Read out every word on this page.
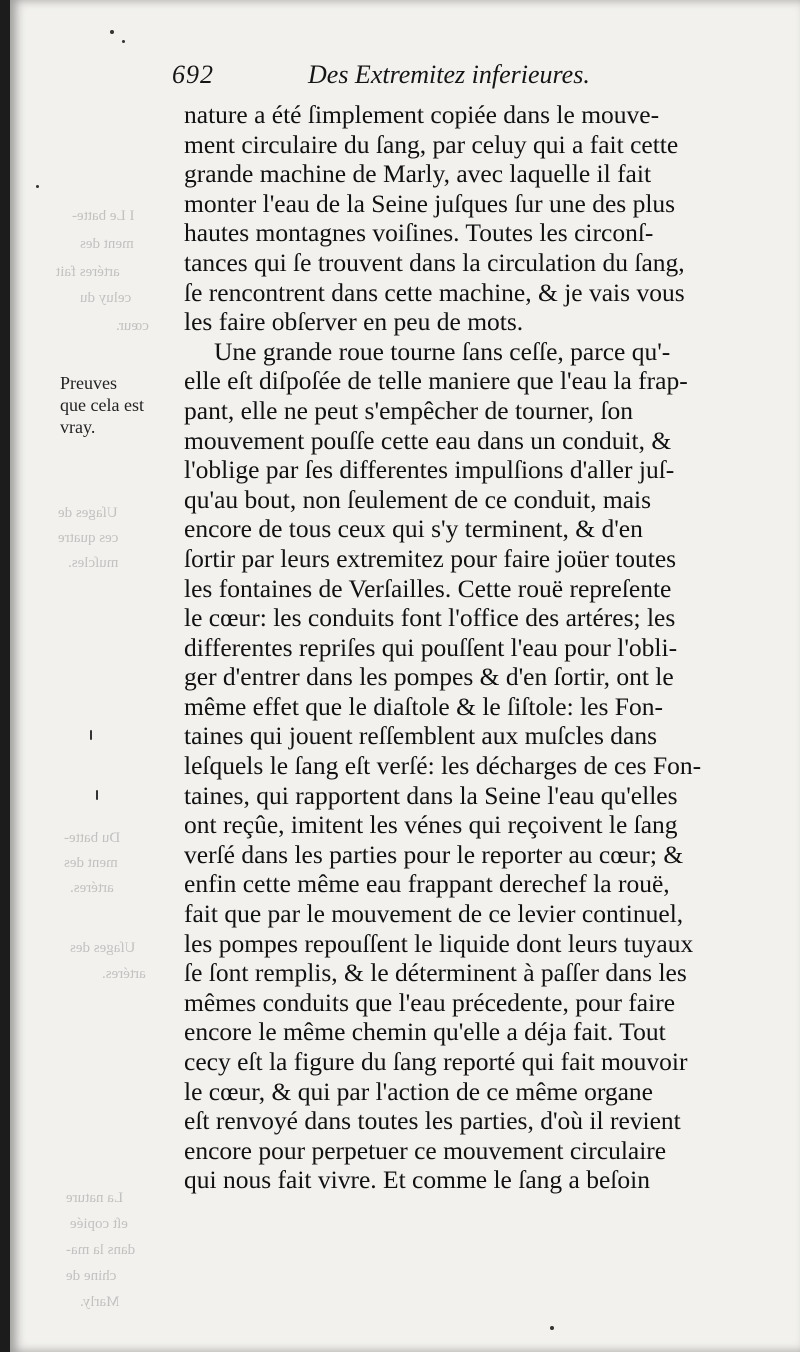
I Le batte-
ment des
artéres fait
celuy du
cœur.
Uſages de
ces quatre
muſcles.
Du batte-
ment des
artéres.
Uſages des
artéres.
La nature
eſt copiée
dans la ma-
chine de
Marly.
692	Des Extremitez inferieures.
Preuves
que cela est
vray.
nature a été ſimplement copiée dans le mouve-
ment circulaire du ſang, par celuy qui a fait cette
grande machine de Marly, avec laquelle il fait
monter l'eau de la Seine juſques ſur une des plus
hautes montagnes voiſines. Toutes les circonſ-
tances qui ſe trouvent dans la circulation du ſang,
ſe rencontrent dans cette machine, & je vais vous
les faire obſerver en peu de mots.
Une grande roue tourne ſans ceſſe, parce qu'-
elle eſt diſpoſée de telle maniere que l'eau la frap-
pant, elle ne peut s'empêcher de tourner, ſon
mouvement pouſſe cette eau dans un conduit, &
l'oblige par ſes differentes impulſions d'aller juſ-
qu'au bout, non ſeulement de ce conduit, mais
encore de tous ceux qui s'y terminent, & d'en
ſortir par leurs extremitez pour faire joüer toutes
les fontaines de Verſailles. Cette rouë repreſente
le cœur: les conduits font l'office des artéres; les
differentes repriſes qui pouſſent l'eau pour l'obli-
ger d'entrer dans les pompes & d'en ſortir, ont le
même effet que le diaſtole & le ſiſtole: les Fon-
taines qui jouent reſſemblent aux muſcles dans
leſquels le ſang eſt verſé: les décharges de ces Fon-
taines, qui rapportent dans la Seine l'eau qu'elles
ont reçûe, imitent les vénes qui reçoivent le ſang
verſé dans les parties pour le reporter au cœur; &
enfin cette même eau frappant derechef la rouë,
fait que par le mouvement de ce levier continuel,
les pompes repouſſent le liquide dont leurs tuyaux
ſe ſont remplis, & le déterminent à paſſer dans les
mêmes conduits que l'eau précedente, pour faire
encore le même chemin qu'elle a déja fait. Tout
cecy eſt la figure du ſang reporté qui fait mouvoir
le cœur, & qui par l'action de ce même organe
eſt renvoyé dans toutes les parties, d'où il revient
encore pour perpetuer ce mouvement circulaire
qui nous fait vivre. Et comme le ſang a beſoin
